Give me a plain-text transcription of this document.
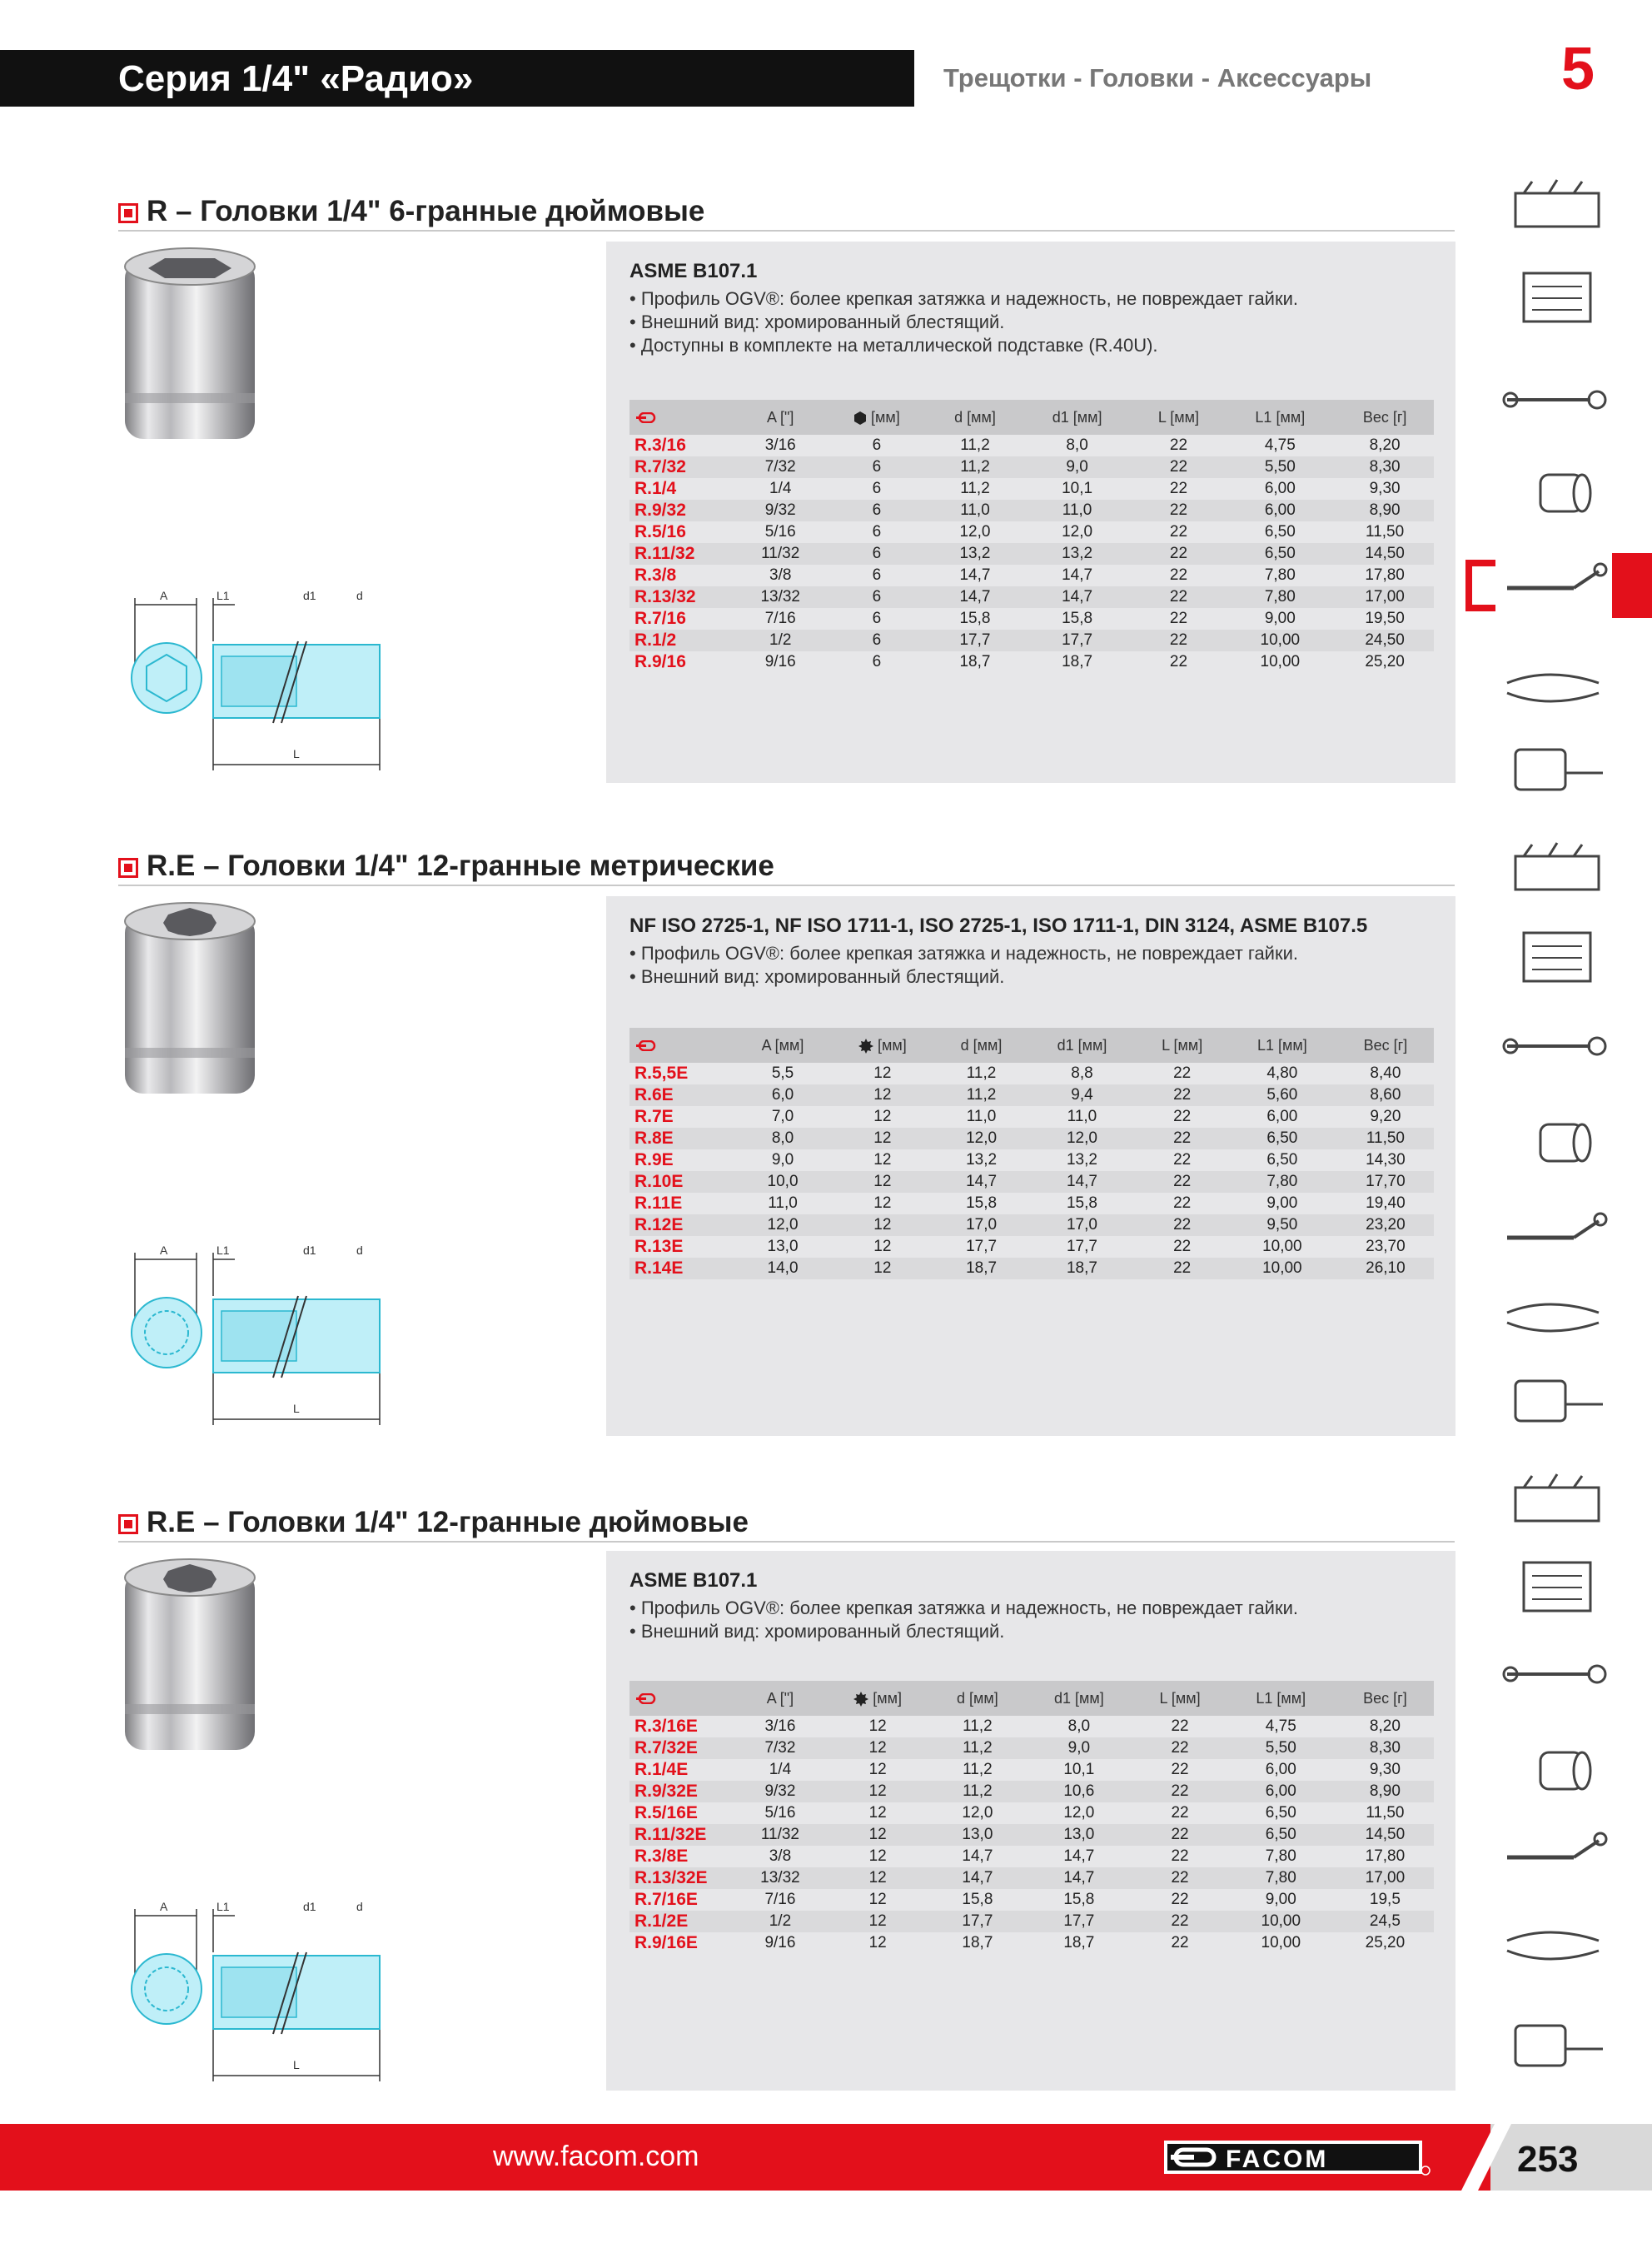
Серия 1/4" «Радио»	Трещотки - Головки - Аксессуары	5
R – Головки 1/4" 6-гранные дюймовые
A	L1	d1	d
L
ASME B107.1
• Профиль OGV®: более крепкая затяжка и надежность, не повреждает гайки.
• Внешний вид: хромированный блестящий.
• Доступны в комплекте на металлической подставке (R.40U).
	A ["]	[мм]	d [мм]	d1 [мм]	L [мм]	L1 [мм]	Вес [г]
R.3/16	3/16	6	11,2	8,0	22	4,75	8,20
R.7/32	7/32	6	11,2	9,0	22	5,50	8,30
R.1/4	1/4	6	11,2	10,1	22	6,00	9,30
R.9/32	9/32	6	11,0	11,0	22	6,00	8,90
R.5/16	5/16	6	12,0	12,0	22	6,50	11,50
R.11/32	11/32	6	13,2	13,2	22	6,50	14,50
R.3/8	3/8	6	14,7	14,7	22	7,80	17,80
R.13/32	13/32	6	14,7	14,7	22	7,80	17,00
R.7/16	7/16	6	15,8	15,8	22	9,00	19,50
R.1/2	1/2	6	17,7	17,7	22	10,00	24,50
R.9/16	9/16	6	18,7	18,7	22	10,00	25,20
R.E – Головки 1/4" 12-гранные метрические
A	L1	d1	d
L
NF ISO 2725-1, NF ISO 1711-1, ISO 2725-1, ISO 1711-1, DIN 3124, ASME B107.5
• Профиль OGV®: более крепкая затяжка и надежность, не повреждает гайки.
• Внешний вид: хромированный блестящий.
	A [мм]	[мм]	d [мм]	d1 [мм]	L [мм]	L1 [мм]	Вес [г]
R.5,5E	5,5	12	11,2	8,8	22	4,80	8,40
R.6E	6,0	12	11,2	9,4	22	5,60	8,60
R.7E	7,0	12	11,0	11,0	22	6,00	9,20
R.8E	8,0	12	12,0	12,0	22	6,50	11,50
R.9E	9,0	12	13,2	13,2	22	6,50	14,30
R.10E	10,0	12	14,7	14,7	22	7,80	17,70
R.11E	11,0	12	15,8	15,8	22	9,00	19,40
R.12E	12,0	12	17,0	17,0	22	9,50	23,20
R.13E	13,0	12	17,7	17,7	22	10,00	23,70
R.14E	14,0	12	18,7	18,7	22	10,00	26,10
R.E – Головки 1/4" 12-гранные дюймовые
A	L1	d1	d
L
ASME B107.1
• Профиль OGV®: более крепкая затяжка и надежность, не повреждает гайки.
• Внешний вид: хромированный блестящий.
	A ["]	[мм]	d [мм]	d1 [мм]	L [мм]	L1 [мм]	Вес [г]
R.3/16E	3/16	12	11,2	8,0	22	4,75	8,20
R.7/32E	7/32	12	11,2	9,0	22	5,50	8,30
R.1/4E	1/4	12	11,2	10,1	22	6,00	9,30
R.9/32E	9/32	12	11,2	10,6	22	6,00	8,90
R.5/16E	5/16	12	12,0	12,0	22	6,50	11,50
R.11/32E	11/32	12	13,0	13,0	22	6,50	14,50
R.3/8E	3/8	12	14,7	14,7	22	7,80	17,80
R.13/32E	13/32	12	14,7	14,7	22	7,80	17,00
R.7/16E	7/16	12	15,8	15,8	22	9,00	19,5
R.1/2E	1/2	12	17,7	17,7	22	10,00	24,5
R.9/16E	9/16	12	18,7	18,7	22	10,00	25,20
www.facom.com	FACOM	253
